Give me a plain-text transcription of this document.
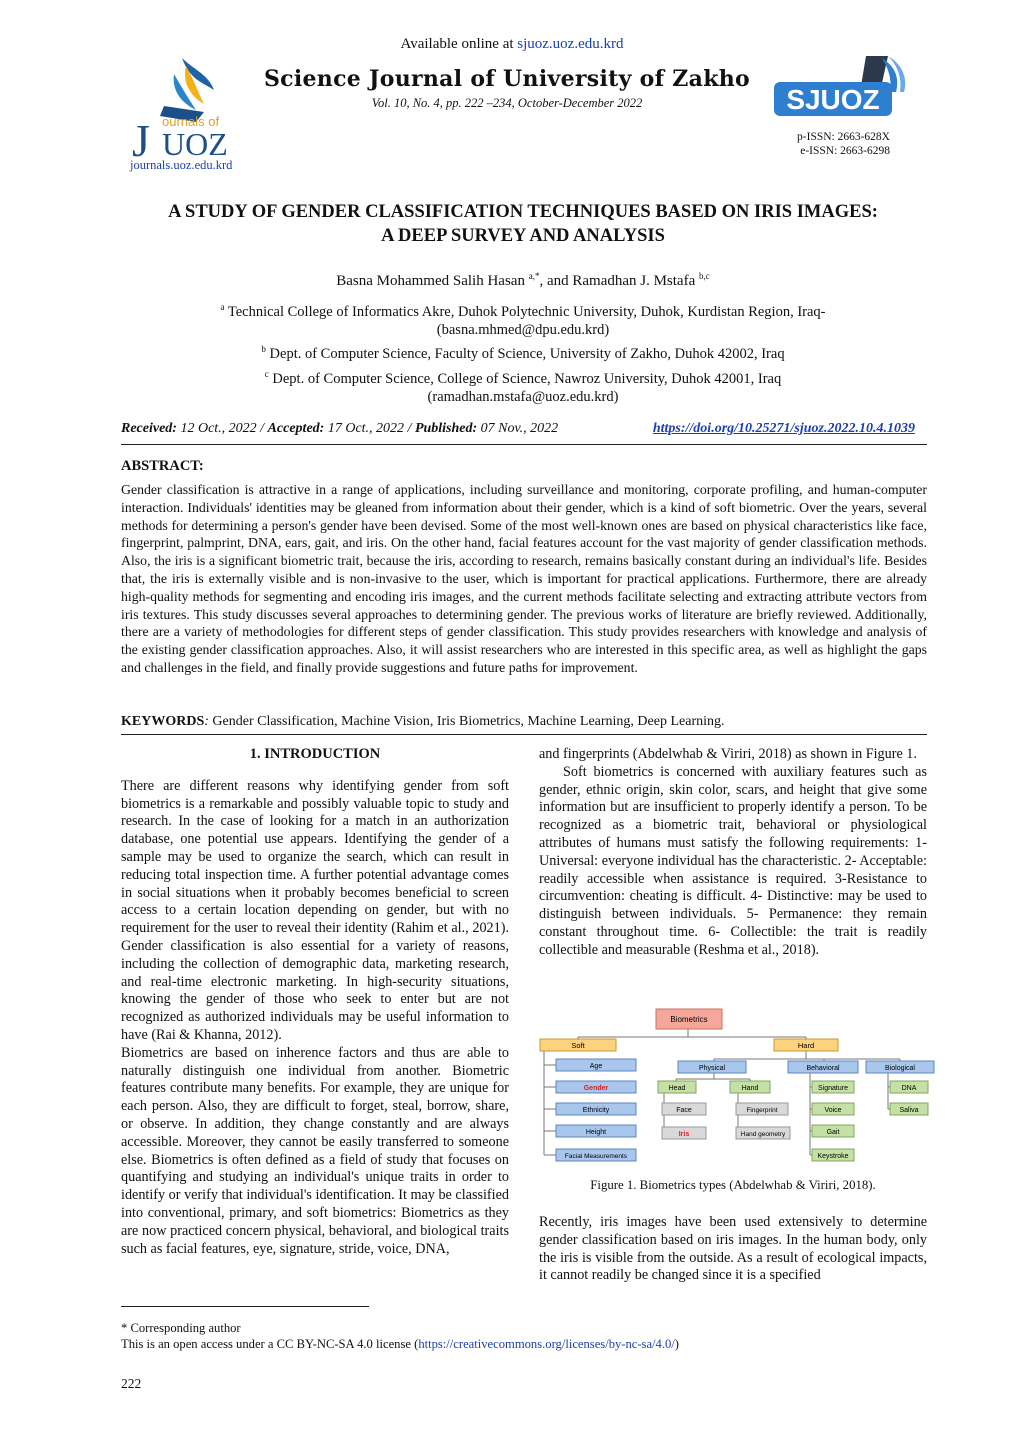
Available online at sjuoz.uoz.edu.krd
J ournals of
UOZ
journals.uoz.edu.krd
Science Journal of University of Zakho
Vol. 10, No. 4, pp. 222 –234, October-December 2022	SJUOZ
p-ISSN: 2663-628X
e-ISSN: 2663-6298
A STUDY OF GENDER CLASSIFICATION TECHNIQUES BASED ON IRIS IMAGES:
A DEEP SURVEY AND ANALYSIS
Basna Mohammed Salih Hasan $^{a,*}$, and Ramadhan J. Mstafa $^{b,c}$
$^a$ Technical College of Informatics Akre, Duhok Polytechnic University, Duhok, Kurdistan Region, Iraq-
(basna.mhmed@dpu.edu.krd)
$^b$ Dept. of Computer Science, Faculty of Science, University of Zakho, Duhok 42002, Iraq
$^c$ Dept. of Computer Science, College of Science, Nawroz University, Duhok 42001, Iraq
(ramadhan.mstafa@uoz.edu.krd)
Received: 12 Oct., 2022 / Accepted: 17 Oct., 2022 / Published: 07 Nov., 2022	https://doi.org/10.25271/sjuoz.2022.10.4.1039
ABSTRACT:
Gender classification is attractive in a range of applications, including surveillance and monitoring, corporate profiling, and human-computer interaction. Individuals' identities may be gleaned from information about their gender, which is a kind of soft biometric. Over the years, several methods for determining a person's gender have been devised. Some of the most well-known ones are based on physical characteristics like face, fingerprint, palmprint, DNA, ears, gait, and iris. On the other hand, facial features account for the vast majority of gender classification methods. Also, the iris is a significant biometric trait, because the iris, according to research, remains basically constant during an individual's life. Besides that, the iris is externally visible and is non-invasive to the user, which is important for practical applications. Furthermore, there are already high-quality methods for segmenting and encoding iris images, and the current methods facilitate selecting and extracting attribute vectors from iris textures. This study discusses several approaches to determining gender. The previous works of literature are briefly reviewed. Additionally, there are a variety of methodologies for different steps of gender classification. This study provides researchers with knowledge and analysis of the existing gender classification approaches. Also, it will assist researchers who are interested in this specific area, as well as highlight the gaps and challenges in the field, and finally provide suggestions and future paths for improvement.
KEYWORDS: Gender Classification, Machine Vision, Iris Biometrics, Machine Learning, Deep Learning.

1. INTRODUCTION

There are different reasons why identifying gender from soft biometrics is a remarkable and possibly valuable topic to study and research. In the case of looking for a match in an authorization database, one potential use appears. Identifying the gender of a sample may be used to organize the search, which can result in reducing total inspection time. A further potential advantage comes in social situations when it probably becomes beneficial to screen access to a certain location depending on gender, but with no requirement for the user to reveal their identity (Rahim et al., 2021). Gender classification is also essential for a variety of reasons, including the collection of demographic data, marketing research, and real-time electronic marketing. In high-security situations, knowing the gender of those who seek to enter but are not recognized as authorized individuals may be useful information to have (Rai & Khanna, 2012).

Biometrics are based on inherence factors and thus are able to naturally distinguish one individual from another. Biometric features contribute many benefits. For example, they are unique for each person. Also, they are difficult to forget, steal, borrow, share, or observe. In addition, they change constantly and are always accessible. Moreover, they cannot be easily transferred to someone else. Biometrics is often defined as a field of study that focuses on quantifying and studying an individual's unique traits in order to identify or verify that individual's identification. It may be classified into conventional, primary, and soft biometrics: Biometrics as they are now practiced concern physical, behavioral, and biological traits such as facial features, eye, signature, stride, voice, DNA,

and fingerprints (Abdelwhab & Viriri, 2018) as shown in Figure 1.

Soft biometrics is concerned with auxiliary features such as gender, ethnic origin, skin color, scars, and height that give some information but are insufficient to properly identify a person. To be recognized as a biometric trait, behavioral or physiological attributes of humans must satisfy the following requirements: 1- Universal: everyone individual has the characteristic. 2- Acceptable: readily accessible when assistance is required. 3-Resistance to circumvention: cheating is difficult. 4- Distinctive: may be used to distinguish between individuals. 5- Permanence: they remain constant throughout time. 6- Collectible: the trait is readily collectible and measurable (Reshma et al., 2018).

Biometrics
Soft	Hard
Age
Gender
Ethnicity
Height
Facial Measurements
Physical	Behavioral	Biological
Head	Hand
Face
Iris
Fingerprint
Hand geometry
Signature
Voice
Gait
Keystroke
DNA
Saliva
Figure 1. Biometrics types (Abdelwhab & Viriri, 2018).
Recently, iris images have been used extensively to determine gender classification based on iris images. In the human body, only the iris is visible from the outside. As a result of ecological impacts, it cannot readily be changed since it is a specified
* Corresponding author
This is an open access under a CC BY-NC-SA 4.0 license (https://creativecommons.org/licenses/by-nc-sa/4.0/)
222
